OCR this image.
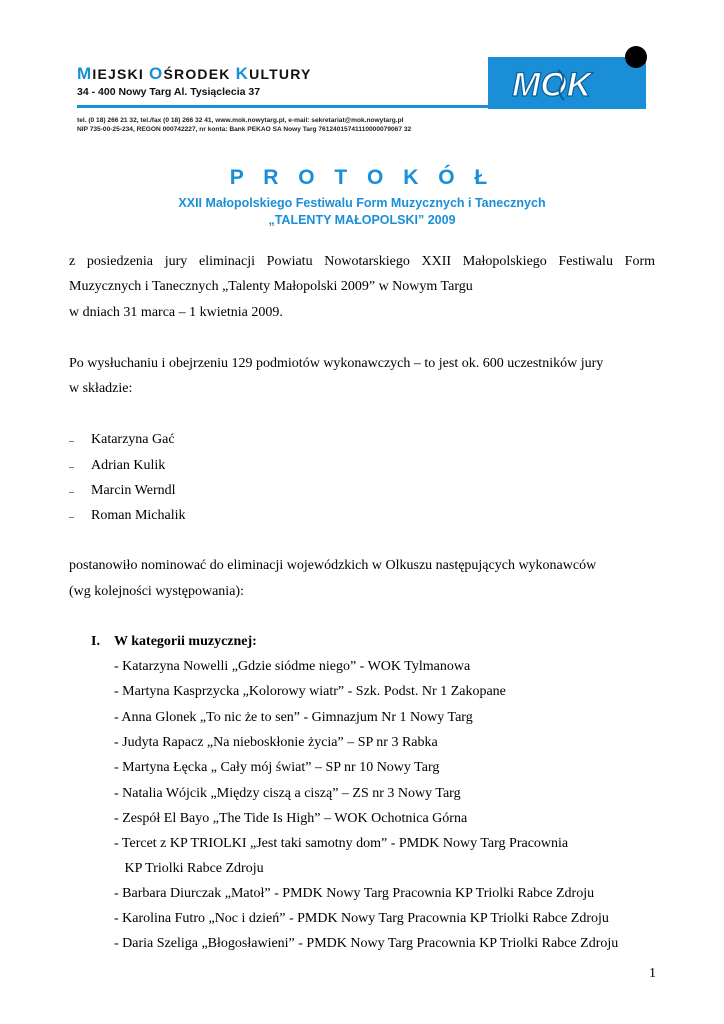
MIEJSKI OŚRODEK KULTURY
34 - 400 Nowy Targ Al. Tysiąclecia 37
tel. (0 18) 266 21 32, tel./fax (0 18) 266 32 41, www.mok.nowytarg.pl, e-mail: sekretariat@mok.nowytarg.pl
NIP 735-00-25-234, REGON 000742227, nr konta: Bank PEKAO SA Nowy Targ 76124015741110000079067 32
MOK
P R O T O K Ó Ł
XXII Małopolskiego Festiwalu Form Muzycznych i Tanecznych
„TALENTY MAŁOPOLSKI” 2009
z posiedzenia jury eliminacji Powiatu Nowotarskiego XXII Małopolskiego Festiwalu Form
Muzycznych i Tanecznych „Talenty Małopolski 2009” w Nowym Targu
w dniach 31 marca – 1 kwietnia 2009.
Po wysłuchaniu i obejrzeniu 129 podmiotów wykonawczych – to jest ok. 600 uczestników jury
w składzie:
– Katarzyna Gać
– Adrian Kulik
– Marcin Werndl
– Roman Michalik
postanowiło nominować do eliminacji wojewódzkich w Olkuszu następujących wykonawców
(wg kolejności występowania):
I. W kategorii muzycznej:
- Katarzyna Nowelli „Gdzie siódme niego” - WOK Tylmanowa
- Martyna Kasprzycka „Kolorowy wiatr” - Szk. Podst. Nr 1 Zakopane
- Anna Glonek „To nic że to sen” - Gimnazjum Nr 1 Nowy Targ
- Judyta Rapacz „Na nieboskłonie życia” – SP nr 3 Rabka
- Martyna Łęcka „ Cały mój świat” – SP nr 10 Nowy Targ
- Natalia Wójcik „Między ciszą a ciszą” – ZS nr 3 Nowy Targ
- Zespół El Bayo „The Tide Is High” – WOK Ochotnica Górna
- Tercet z KP TRIOLKI „Jest taki samotny dom” - PMDK Nowy Targ Pracownia
KP Triolki Rabce Zdroju
- Barbara Diurczak „Matoł” - PMDK Nowy Targ Pracownia KP Triolki Rabce Zdroju
- Karolina Futro „Noc i dzień” - PMDK Nowy Targ Pracownia KP Triolki Rabce Zdroju
- Daria Szeliga „Błogosławieni” - PMDK Nowy Targ Pracownia KP Triolki Rabce Zdroju
1
